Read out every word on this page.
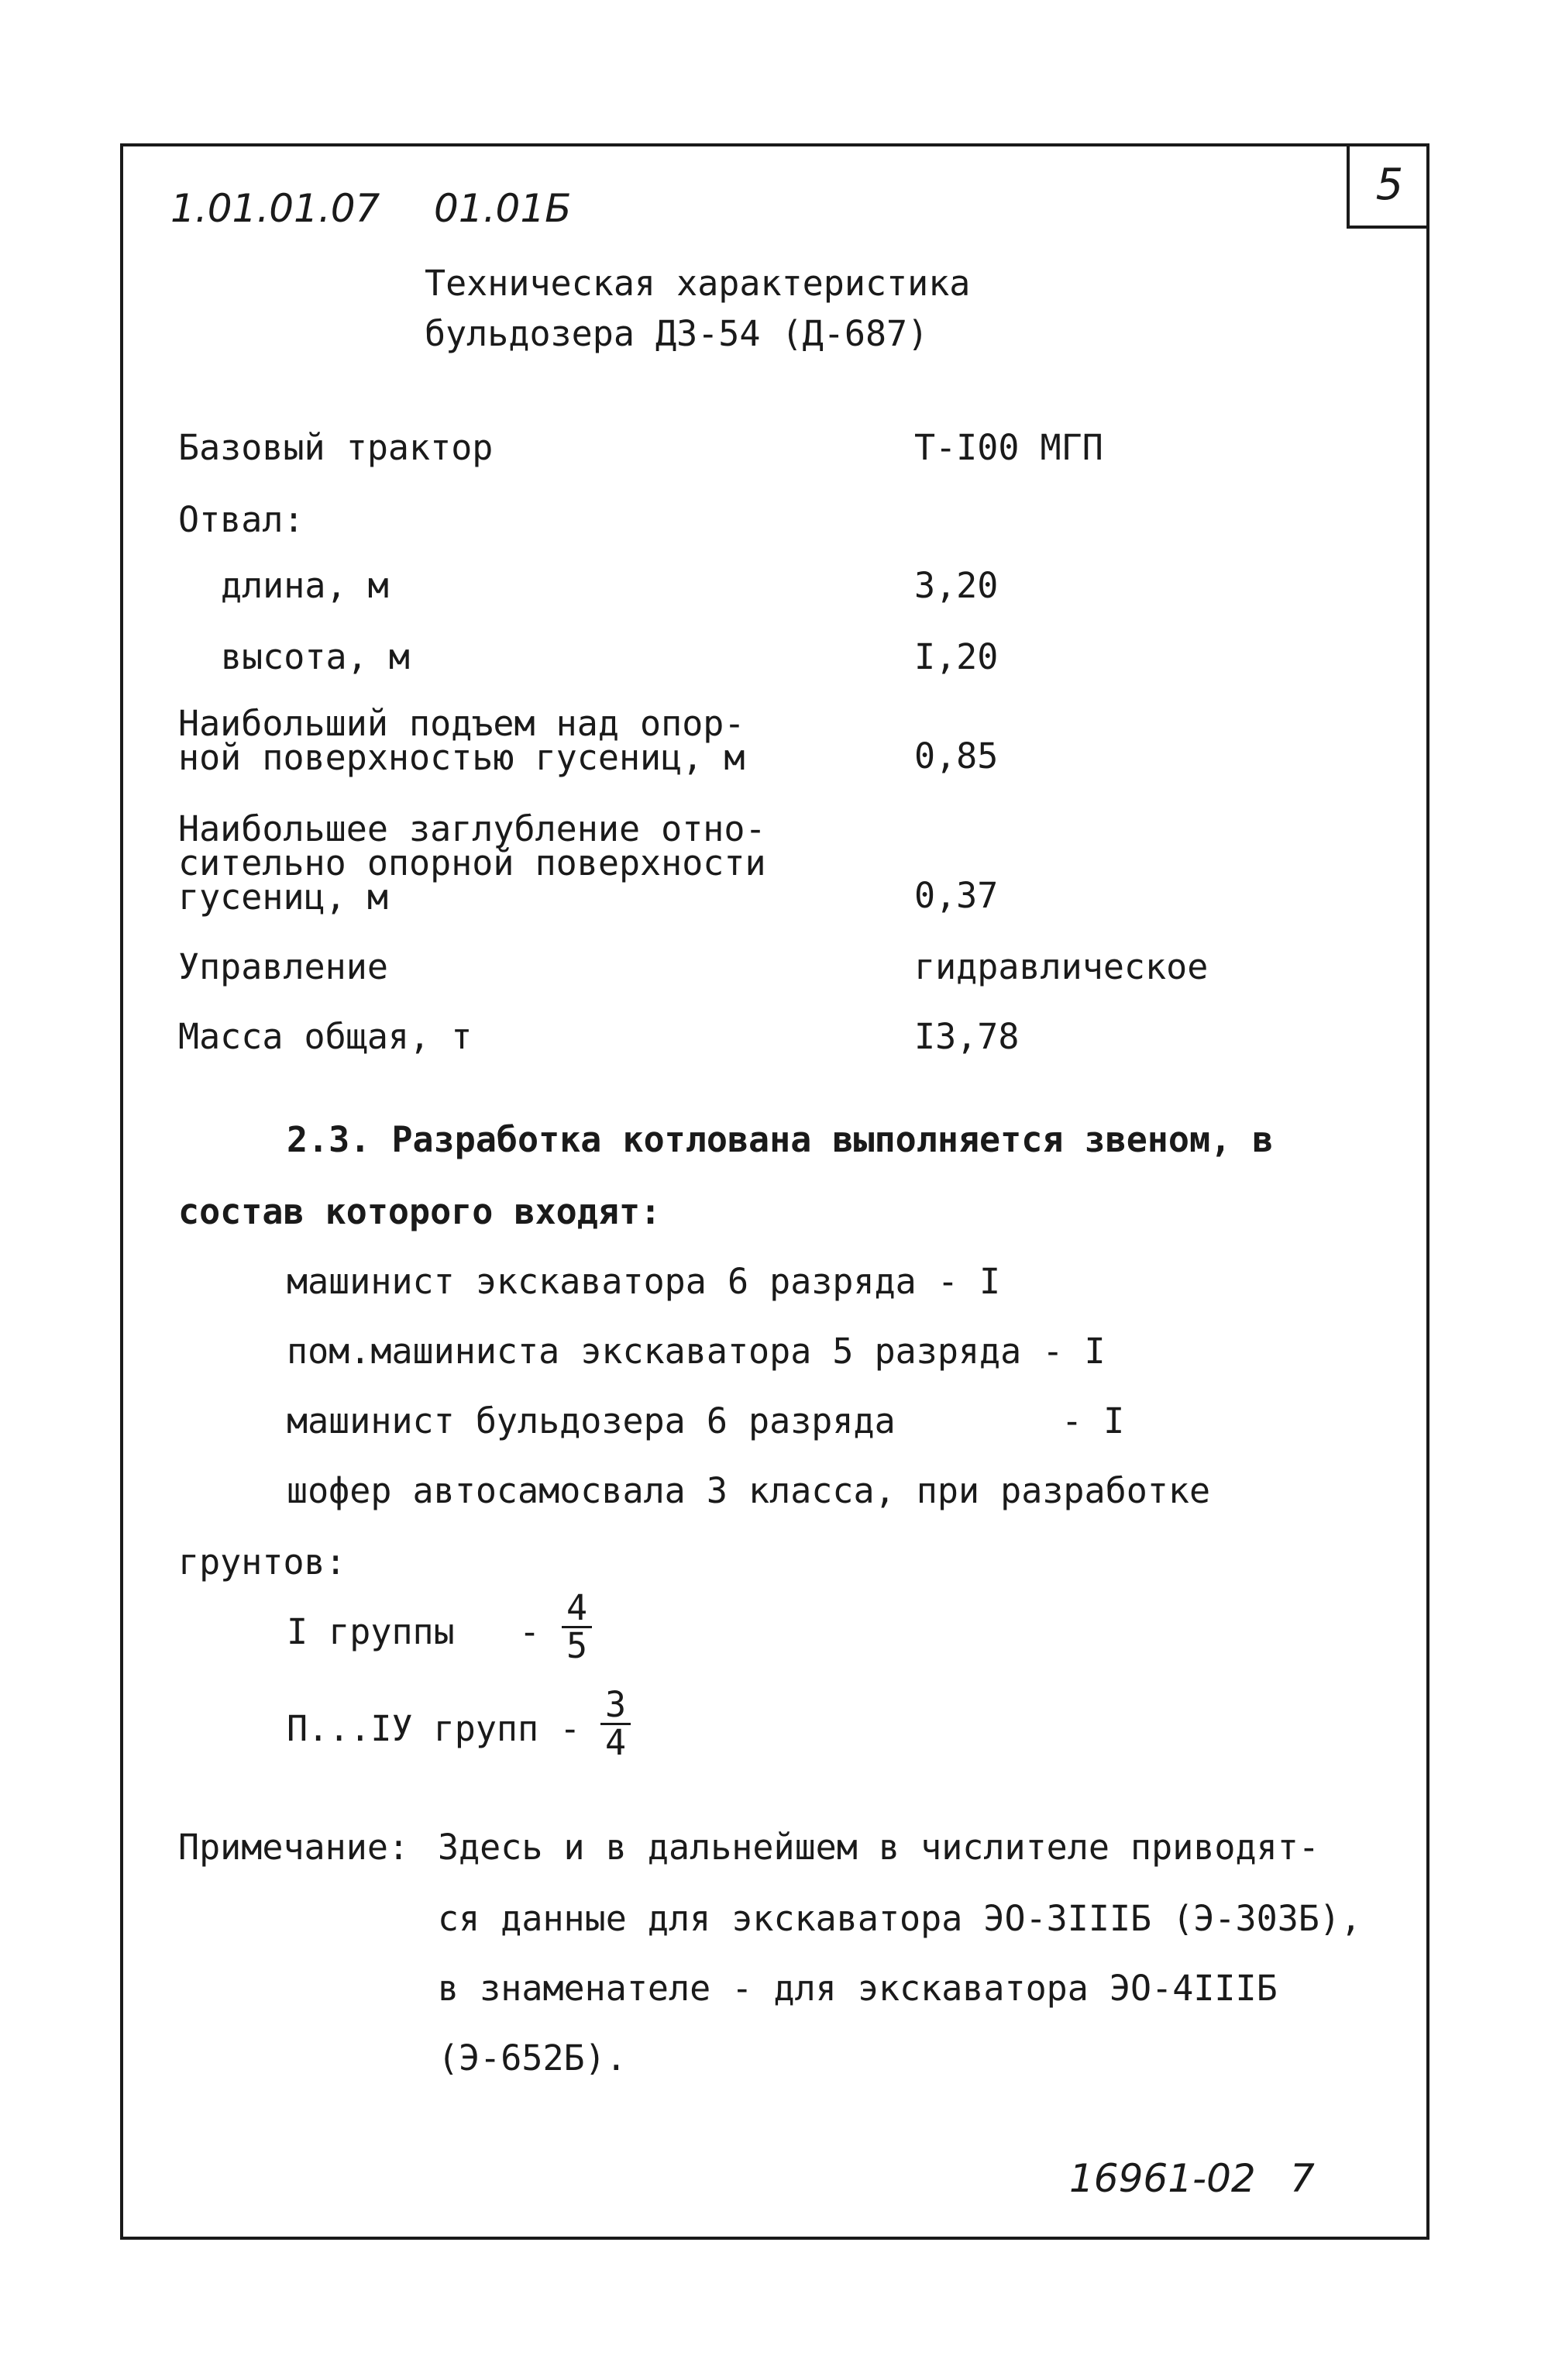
1.01.01.07 01.01Б	5
Техническая характеристика
бульдозера ДЗ-54 (Д-687)
Базовый трактор	Т-I00 МГП
Отвал:
длина, м	3,20
высота, м	I,20
Наибольший подъем над опор-
ной поверхностью гусениц, м	0,85
Наибольшее заглубление отно-
сительно опорной поверхности
гусениц, м	0,37
Управление	гидравлическое
Масса общая, т	I3,78
2.3. Разработка котлована выполняется звеном, в
состав которого входят:
машинист экскаватора 6 разряда - I
пом.машиниста экскаватора 5 разряда - I
машинист бульдозера 6 разряда	- I
шофер автосамосвала 3 класса, при разработке
грунтов:
I группы - $\frac{4}{5}$
П...IУ групп - $\frac{3}{4}$
Примечание: Здесь и в дальнейшем в числителе приводят-
ся данные для экскаватора ЭО-3IIIБ (Э-303Б),
в знаменателе - для экскаватора ЭО-4IIIБ
(Э-652Б).
16961-02 7
